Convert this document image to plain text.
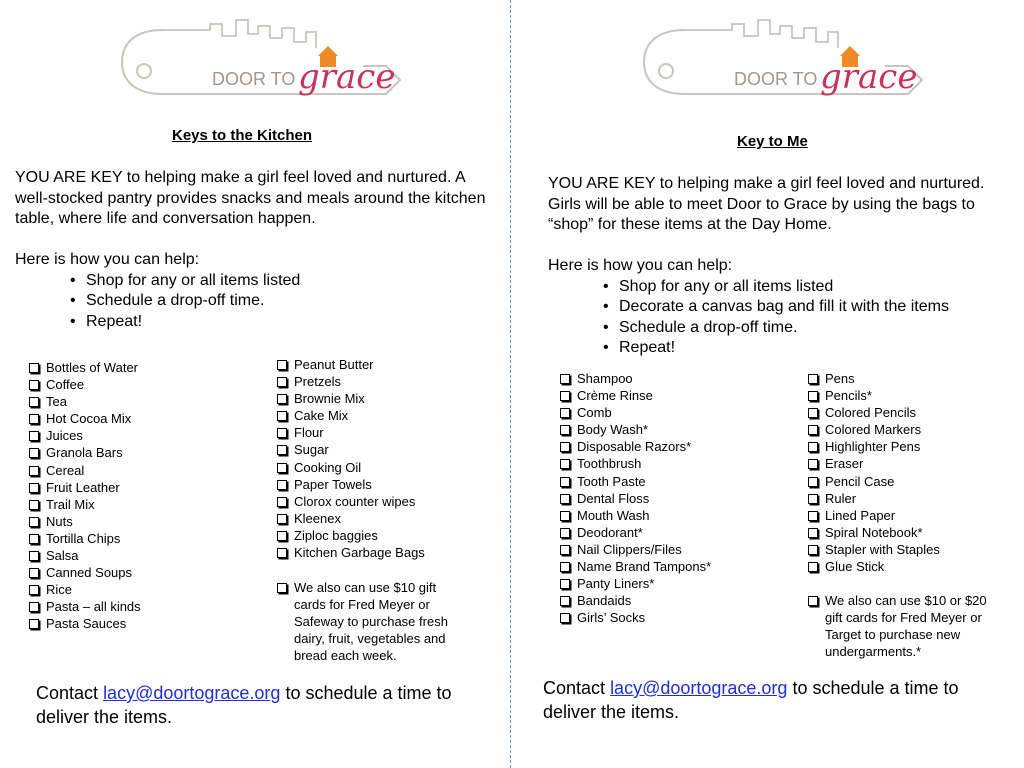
DOOR TO grace
Keys to the Kitchen

YOU ARE KEY to helping make a girl feel loved and nurtured. A well-stocked pantry provides snacks and meals around the kitchen table, where life and conversation happen.

Here is how you can help:

• Shop for any or all items listed
• Schedule a drop-off time.
• Repeat!
Bottles of Water
Coffee
Tea
Hot Cocoa Mix
Juices
Granola Bars
Cereal
Fruit Leather
Trail Mix
Nuts
Tortilla Chips
Salsa
Canned Soups
Rice
Pasta – all kinds
Pasta Sauces
Peanut Butter
Pretzels
Brownie Mix
Cake Mix
Flour
Sugar
Cooking Oil
Paper Towels
Clorox counter wipes
Kleenex
Ziploc baggies
Kitchen Garbage Bags
We also can use $10 gift cards for Fred Meyer or Safeway to purchase fresh dairy, fruit, vegetables and bread each week.

Contact lacy@doortograce.org to schedule a time to deliver the items.

DOOR TO grace
Key to Me

YOU ARE KEY to helping make a girl feel loved and nurtured. Girls will be able to meet Door to Grace by using the bags to “shop” for these items at the Day Home.

Here is how you can help:

• Shop for any or all items listed
• Decorate a canvas bag and fill it with the items
• Schedule a drop-off time.
• Repeat!
Shampoo
Crème Rinse
Comb
Body Wash*
Disposable Razors*
Toothbrush
Tooth Paste
Dental Floss
Mouth Wash
Deodorant*
Nail Clippers/Files
Name Brand Tampons*
Panty Liners*
Bandaids
Girls’ Socks
Pens
Pencils*
Colored Pencils
Colored Markers
Highlighter Pens
Eraser
Pencil Case
Ruler
Lined Paper
Spiral Notebook*
Stapler with Staples
Glue Stick
We also can use $10 or $20 gift cards for Fred Meyer or Target to purchase new undergarments.*

Contact lacy@doortograce.org to schedule a time to deliver the items.
